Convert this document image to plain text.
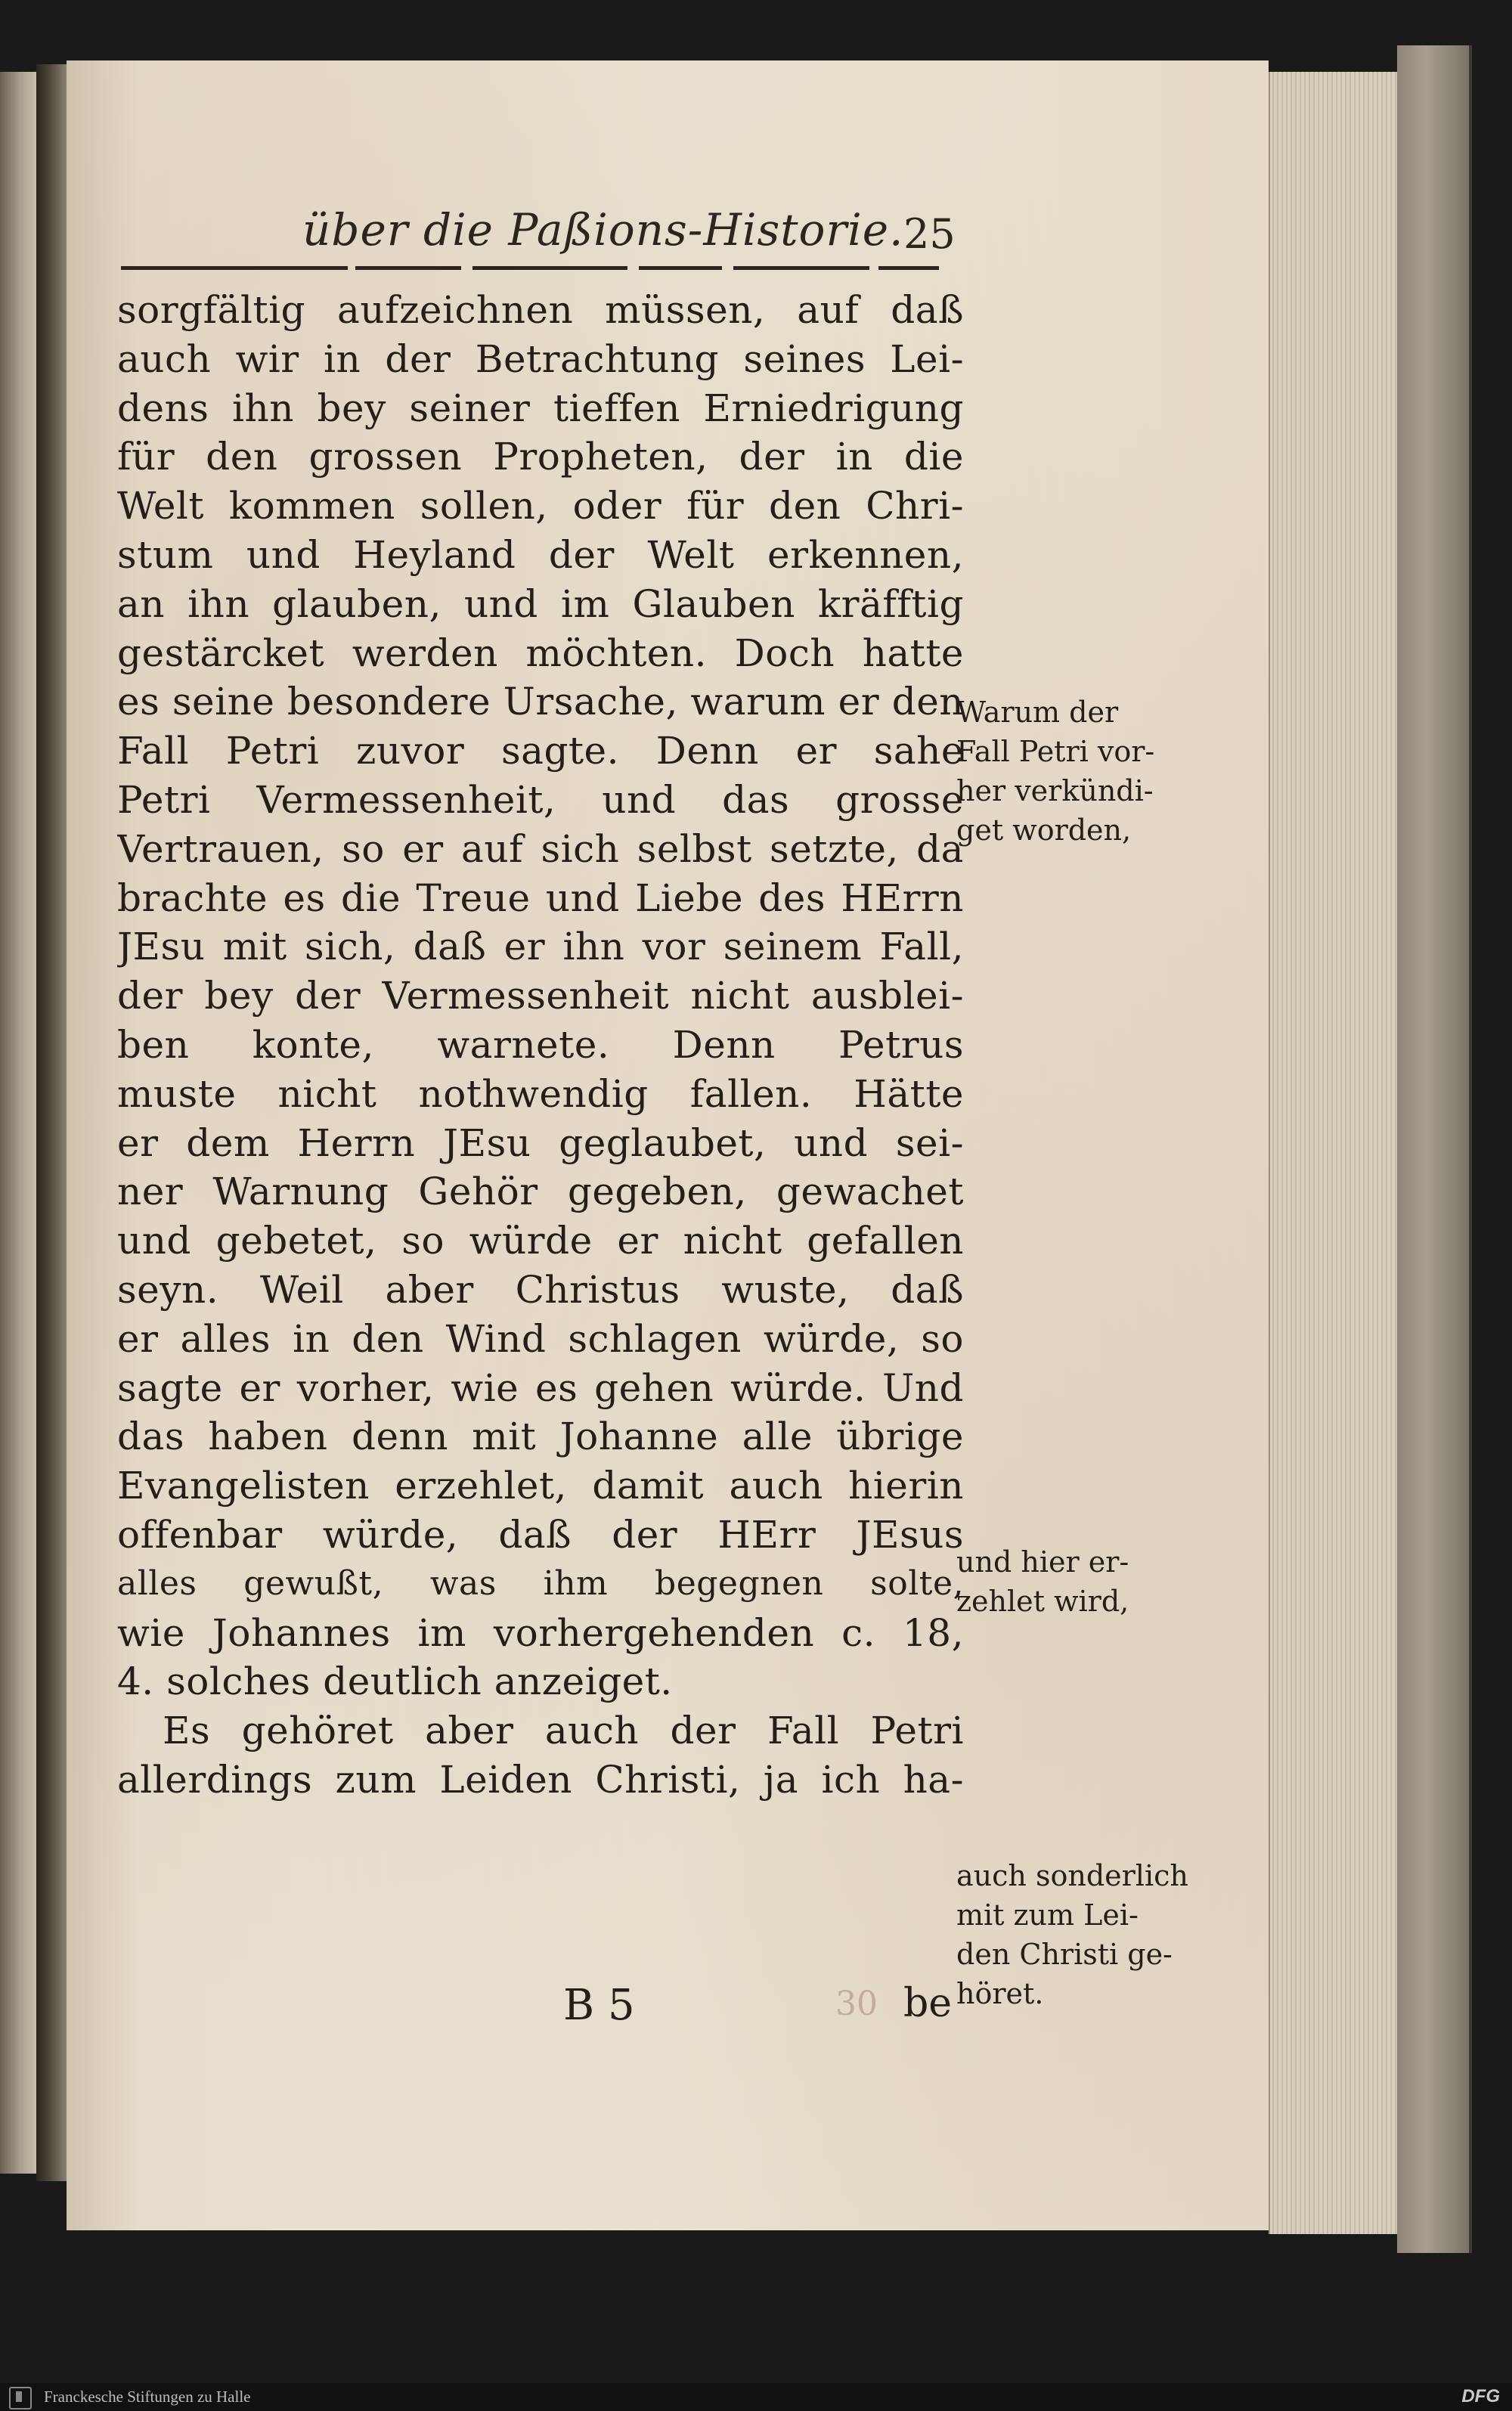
über die Paßions-Historie. 25
sorgfältig aufzeichnen müssen, auf daß
auch wir in der Betrachtung seines Lei-
dens ihn bey seiner tieffen Erniedrigung
für den grossen Propheten, der in die
Welt kommen sollen, oder für den Chri-
stum und Heyland der Welt erkennen,
an ihn glauben, und im Glauben kräfftig
gestärcket werden möchten. Doch hatte
es seine besondere Ursache, warum er den
Fall Petri zuvor sagte. Denn er sahe
Petri Vermessenheit, und das grosse
Vertrauen, so er auf sich selbst setzte, da
brachte es die Treue und Liebe des HErrn
JEsu mit sich, daß er ihn vor seinem Fall,
der bey der Vermessenheit nicht ausblei-
ben konte, warnete. Denn Petrus
muste nicht nothwendig fallen. Hätte
er dem Herrn JEsu geglaubet, und sei-
ner Warnung Gehör gegeben, gewachet
und gebetet, so würde er nicht gefallen
seyn. Weil aber Christus wuste, daß
er alles in den Wind schlagen würde, so
sagte er vorher, wie es gehen würde. Und
das haben denn mit Johanne alle übrige
Evangelisten erzehlet, damit auch hierin
offenbar würde, daß der HErr JEsus
alles gewußt, was ihm begegnen solte,
wie Johannes im vorhergehenden c. 18,
4. solches deutlich anzeiget.
Es gehöret aber auch der Fall Petri
allerdings zum Leiden Christi, ja ich ha-
Warum der
Fall Petri vor-
her verkündi-
get worden,
und hier er-
zehlet wird,
auch sonderlich
mit zum Lei-
den Christi ge-
höret.
B 5	30 be
Franckesche Stiftungen zu Halle	DFG
